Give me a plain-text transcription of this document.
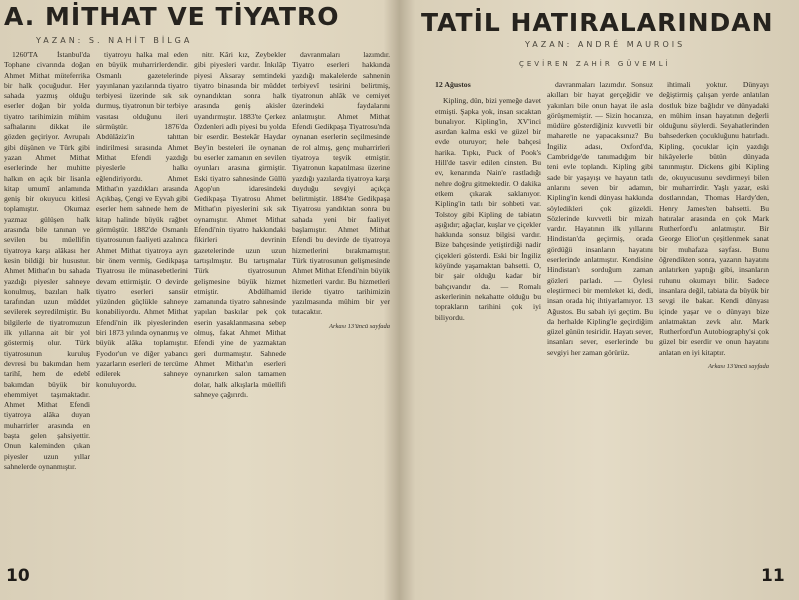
A. MİTHAT VE TİYATRO
YAZAN: S. NAHİT BİLGA

1260'TA İstanbul'da Tophane civarında doğan Ahmet Mithat müteferrika bir halk çocuğudur. Her sahada yazmış olduğu eserler doğan bir yolda tiyatro tarihimizin mühim safhalarını dikkat ile gözden geçiriyor. Avrupalı gibi düşünen ve Türk gibi yazan Ahmet Mithat eserlerinde her muhitte halkın en açık bir lisanla kitap umumî anlamında geniş bir okuyucu kitlesi toplamıştır. Okumaz yazmaz gülüşen halk arasında bile tanınan ve sevilen bu müellifin tiyatroya karşı alâkası her kesin bildiği bir husustur. Ahmet Mithat'ın bu sahada yazdığı piyesler sahneye konulmuş, bazıları halk tarafından uzun müddet sevilerek seyredilmiştir. Bu bilgilerle de tiyatromuzun ilk yıllarına ait bir yol göstermiş olur. Türk tiyatrosunun kuruluş devresi bu bakımdan hem tarihî, hem de edebî bakımdan büyük bir ehemmiyet taşımaktadır. Ahmet Mithat Efendi tiyatroya alâka duyan muharrirler arasında en başta gelen şahsiyettir. Onun kaleminden çıkan piyesler uzun yıllar sahnelerde oynanmıştır.

tiyatroyu halka mal eden en büyük muharrirlerdendir. Osmanlı gazetelerinde yayınlanan yazılarında tiyatro terbiyesi üzerinde sık sık durmuş, tiyatronun bir terbiye vasıtası olduğunu ileri sürmüştür. 1876'da Abdülâziz'in tahttan indirilmesi sırasında Ahmet Mithat Efendi yazdığı piyeslerle halkı eğlendiriyordu. Ahmet Mithat'ın yazdıkları arasında Açıkbaş, Çengi ve Eyvah gibi eserler hem sahnede hem de kitap halinde büyük rağbet görmüştür. 1882'de Osmanlı tiyatrosunun faaliyeti azalınca Ahmet Mithat tiyatroya ayrı bir önem vermiş, Gedikpaşa Tiyatrosu ile münasebetlerini devam ettirmiştir. O devirde tiyatro eserleri sansür yüzünden güçlükle sahneye konabiliyordu. Ahmet Mithat Efendi'nin ilk piyeslerinden biri 1873 yılında oynanmış ve büyük alâka toplamıştır. Fyodor'un ve diğer yabancı yazarların eserleri de tercüme edilerek sahneye konuluyordu.

nitr. Kâri kız, Zeybekler gibi piyesleri vardır. İnkılâp piyesi Aksaray semtindeki tiyatro binasında bir müddet oynandıktan sonra halk arasında geniş akisler uyandırmıştır. 1883'te Çerkez Özdenleri adlı piyesi bu yolda bir eserdir. Bestekâr Haydar Bey'in besteleri ile oynanan bu eserler zamanın en sevilen oyunları arasına girmiştir. Eski tiyatro sahnesinde Güllü Agop'un idaresindeki Gedikpaşa Tiyatrosu Ahmet Mithat'ın piyeslerini sık sık oynamıştır. Ahmet Mithat Efendi'nin tiyatro hakkındaki fikirleri devrinin gazetelerinde uzun uzun tartışılmıştır. Bu tartışmalar Türk tiyatrosunun gelişmesine büyük hizmet etmiştir. Abdülhamid zamanında tiyatro sahnesinde yapılan baskılar pek çok eserin yasaklanmasına sebep olmuş, fakat Ahmet Mithat Efendi yine de yazmaktan geri durmamıştır. Sahnede Ahmet Mithat'ın eserleri oynanırken salon tamamen dolar, halk alkışlarla müellifi sahneye çağırırdı.

davranmaları lazımdır. Tiyatro eserleri hakkında yazdığı makalelerde sahnenin terbiyevî tesirini belirtmiş, tiyatronun ahlâk ve cemiyet üzerindeki faydalarını anlatmıştır. Ahmet Mithat Efendi Gedikpaşa Tiyatrosu'nda oynanan eserlerin seçilmesinde de rol almış, genç muharrirleri tiyatroya teşvik etmiştir. Tiyatronun kapatılması üzerine yazdığı yazılarda tiyatroya karşı duyduğu sevgiyi açıkça belirtmiştir. 1884'te Gedikpaşa Tiyatrosu yandıktan sonra bu sahada yeni bir faaliyet başlamıştır. Ahmet Mithat Efendi bu devirde de tiyatroya hizmetlerini bırakmamıştır. Türk tiyatrosunun gelişmesinde Ahmet Mithat Efendi'nin büyük hizmetleri vardır. Bu hizmetleri ileride tiyatro tarihimizin yazılmasında mühim bir yer tutacaktır.

Arkası 13'üncü sayfada
10
TATİL HATIRALARINDAN
YAZAN: ANDRÉ MAUROIS
ÇEVİREN ZAHİR GÜVEMLİ
12 Ağustos

Kipling, dün, bizi yemeğe davet etmişti. Şapka yok, insan sıcaktan bunalıyor. Kipling'in, XV'inci asırdan kalma eski ve güzel bir evde oturuyor; hele bahçesi harika. Tıpkı, Puck of Pook's Hill'de tasvir edilen cinsten. Bu ev, kenarında Nain'e rastladığı nehre doğru gitmektedir. O dakika etkem çıkarak saklanıyor. Kipling'in tatlı bir sohbeti var. Tolstoy gibi Kipling de tabiatın aşığıdır; ağaçlar, kuşlar ve çiçekler hakkında sonsuz bilgisi vardır. Bize bahçesinde yetiştirdiği nadir çiçekleri gösterdi. Eski bir İngiliz köyünde yaşamaktan bahsetti. O, bir şair olduğu kadar bir bahçıvandır da. — Romalı askerlerinin nekahatte olduğu bu toprakların tarihini çok iyi biliyordu.

davranmaları lazımdır. Sonsuz akılları bir hayat gerçeğidir ve yakınları bile onun hayat ile asla görüşmemiştir. — Sizin hocanıza, müdüre gösterdiğiniz kuvvetli bir maharetle ne yapacaksınız? Bu İngiliz adası, Oxford'da, Cambridge'de tanımadığım bir teni evle toplandı. Kipling gibi sade bir yaşayışı ve hayatın tatlı anlarını seven bir adamın, Kipling'in kendi dünyası hakkında söyledikleri çok güzeldi. Sözlerinde kuvvetli bir mizah vardır. Hayatının ilk yıllarını Hindistan'da geçirmiş, orada gördüğü insanların hayatını eserlerinde anlatmıştır. Kendisine Hindistan'ı sorduğum zaman gözleri parladı. — Öylesi eleştirmeci bir memleket ki, dedi, insan orada hiç ihtiyarlamıyor. 13 Ağustos. Bu sabah iyi geçtim. Bu da herhalde Kipling'le geçirdiğim güzel günün tesiridir. Hayatı sever, insanları sever, eserlerinde bu sevgiyi her zaman görürüz.

ihtimali yoktur. Dünyayı değiştirmiş çalışan yerde anlatılan dostluk bize bağlıdır ve dünyadaki en mühim insan hayatının değerli olduğunu söylerdi. Seyahatlerinden bahsederken çocukluğunu hatırladı. Kipling, çocuklar için yazdığı hikâyelerle bütün dünyada tanınmıştır. Dickens gibi Kipling de, okuyucusunu sevdirmeyi bilen bir muharrirdir. Yaşlı yazar, eski dostlarından, Thomas Hardy'den, Henry James'ten bahsetti. Bu hatıralar arasında en çok Mark Rutherford'u anlatmıştır. Bir George Eliot'un çeşitlenmek sanat bir muhafaza sayfası. Bunu öğrendikten sonra, yazarın hayatını anlatırken yaptığı gibi, insanların ruhunu okumayı bilir. Sadece insanlara değil, tabiata da büyük bir sevgi ile bakar. Kendi dünyası içinde yaşar ve o dünyayı bize anlatmaktan zevk alır. Mark Rutherford'un Autobiography'si çok güzel bir eserdir ve onun hayatını anlatan en iyi kitaptır.

Arkası 13'üncü sayfada
11
